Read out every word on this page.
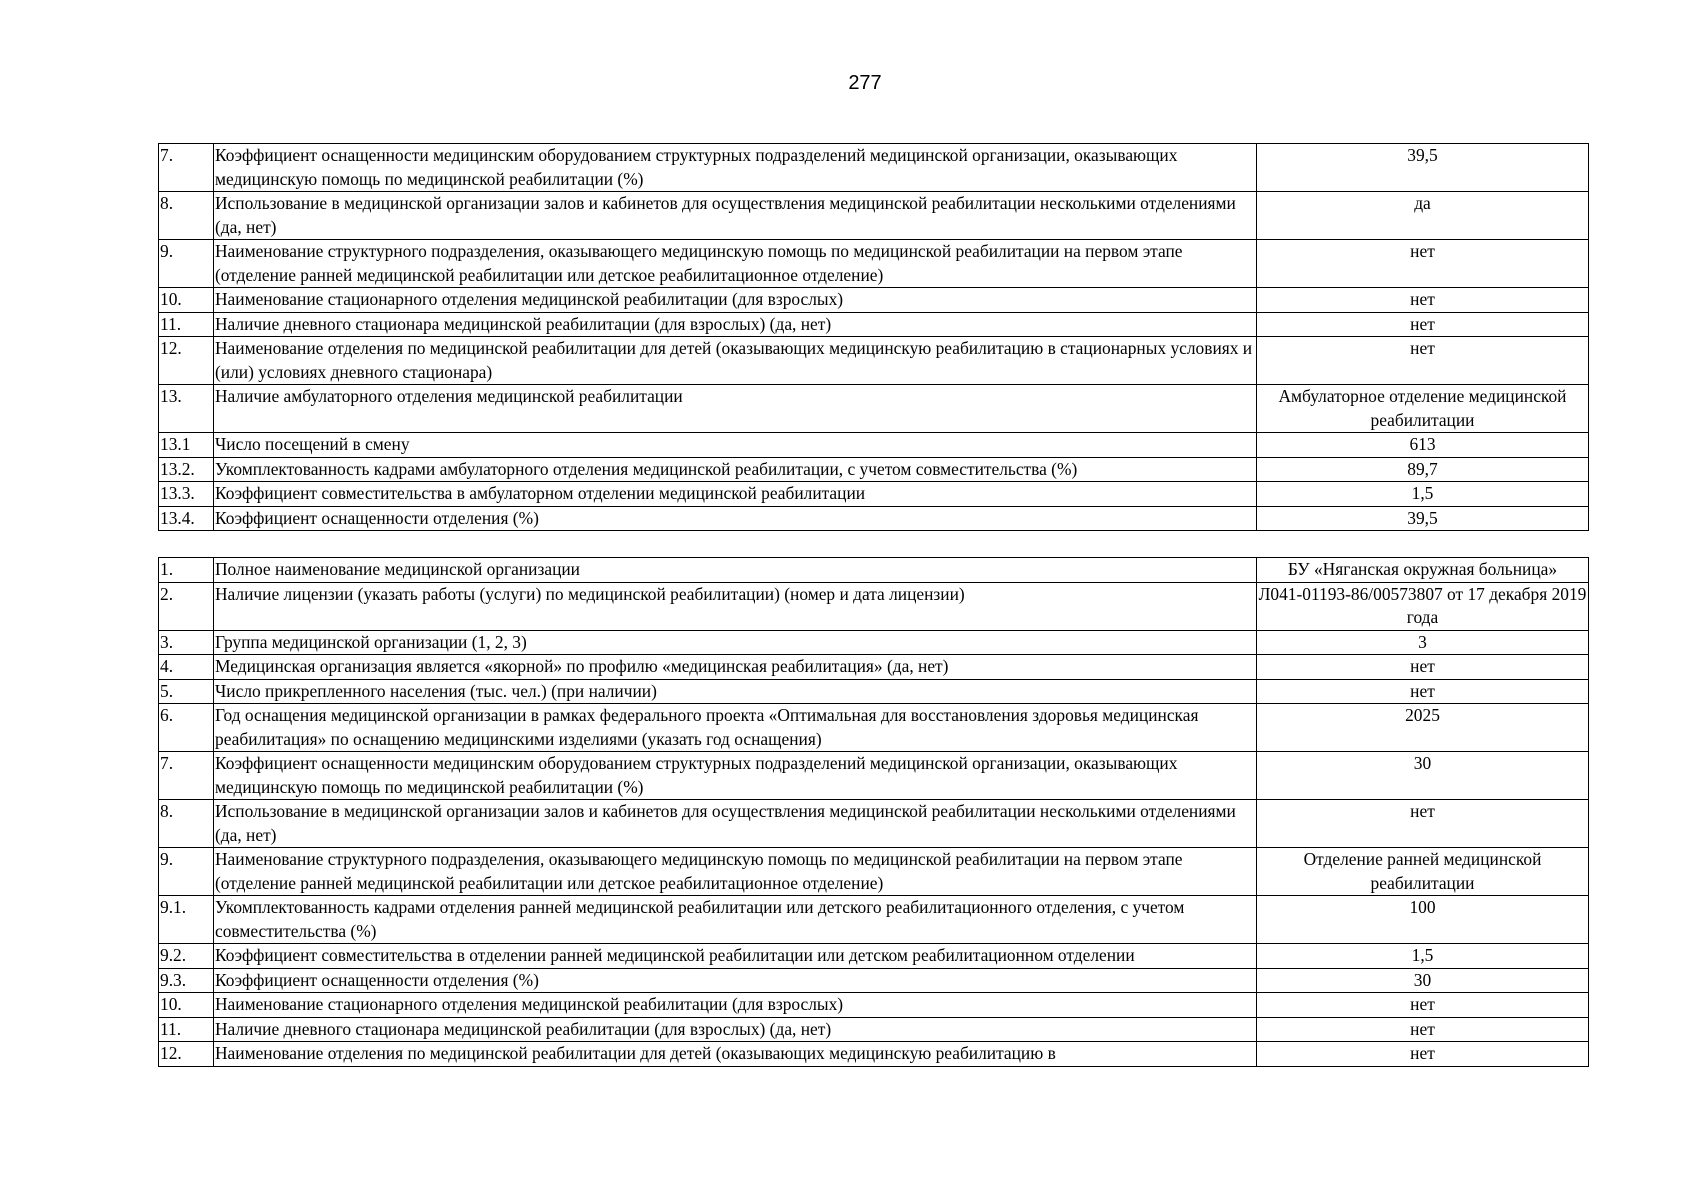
277
7.	Коэффициент оснащенности медицинским оборудованием структурных подразделений медицинской организации, оказывающих медицинскую помощь по медицинской реабилитации (%)	39,5
8.	Использование в медицинской организации залов и кабинетов для осуществления медицинской реабилитации несколькими отделениями (да, нет)	да
9.	Наименование структурного подразделения, оказывающего медицинскую помощь по медицинской реабилитации на первом этапе (отделение ранней медицинской реабилитации или детское реабилитационное отделение)	нет
10.	Наименование стационарного отделения медицинской реабилитации (для взрослых)	нет
11.	Наличие дневного стационара медицинской реабилитации (для взрослых) (да, нет)	нет
12.	Наименование отделения по медицинской реабилитации для детей (оказывающих медицинскую реабилитацию в стационарных условиях и (или) условиях дневного стационара)	нет
13.	Наличие амбулаторного отделения медицинской реабилитации	Амбулаторное отделение медицинской реабилитации
13.1	Число посещений в смену	613
13.2.	Укомплектованность кадрами амбулаторного отделения медицинской реабилитации, с учетом совместительства (%)	89,7
13.3.	Коэффициент совместительства в амбулаторном отделении медицинской реабилитации	1,5
13.4.	Коэффициент оснащенности отделения (%)	39,5
1.	Полное наименование медицинской организации	БУ «Няганская окружная больница»
2.	Наличие лицензии (указать работы (услуги) по медицинской реабилитации) (номер и дата лицензии)	Л041-01193-86/00573807 от 17 декабря 2019 года
3.	Группа медицинской организации (1, 2, 3)	3
4.	Медицинская организация является «якорной» по профилю «медицинская реабилитация» (да, нет)	нет
5.	Число прикрепленного населения (тыс. чел.) (при наличии)	нет
6.	Год оснащения медицинской организации в рамках федерального проекта «Оптимальная для восстановления здоровья медицинская реабилитация» по оснащению медицинскими изделиями (указать год оснащения)	2025
7.	Коэффициент оснащенности медицинским оборудованием структурных подразделений медицинской организации, оказывающих медицинскую помощь по медицинской реабилитации (%)	30
8.	Использование в медицинской организации залов и кабинетов для осуществления медицинской реабилитации несколькими отделениями (да, нет)	нет
9.	Наименование структурного подразделения, оказывающего медицинскую помощь по медицинской реабилитации на первом этапе (отделение ранней медицинской реабилитации или детское реабилитационное отделение)	Отделение ранней медицинской реабилитации
9.1.	Укомплектованность кадрами отделения ранней медицинской реабилитации или детского реабилитационного отделения, с учетом совместительства (%)	100
9.2.	Коэффициент совместительства в отделении ранней медицинской реабилитации или детском реабилитационном отделении	1,5
9.3.	Коэффициент оснащенности отделения (%)	30
10.	Наименование стационарного отделения медицинской реабилитации (для взрослых)	нет
11.	Наличие дневного стационара медицинской реабилитации (для взрослых) (да, нет)	нет
12.	Наименование отделения по медицинской реабилитации для детей (оказывающих медицинскую реабилитацию в	нет
